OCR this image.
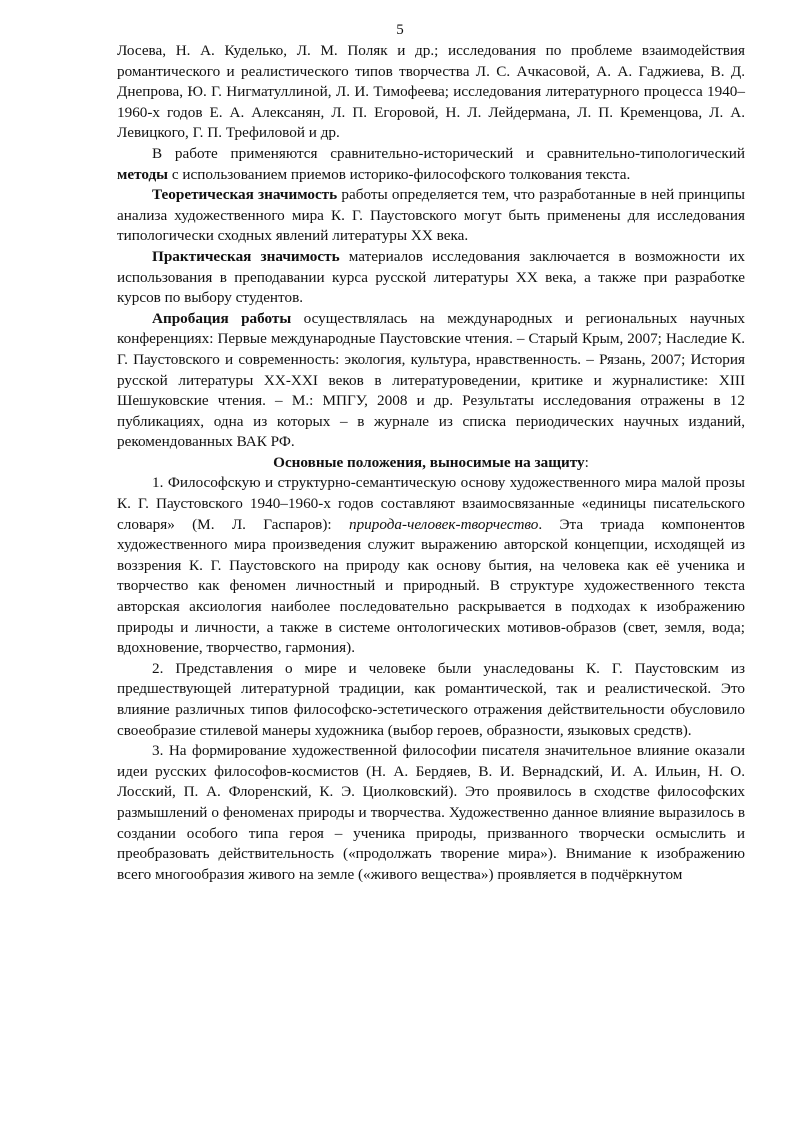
5

Лосева, Н. А. Куделько, Л. М. Поляк и др.; исследования по проблеме взаимодействия романтического и реалистического типов творчества Л. С. Ачкасовой, А. А. Гаджиева, В. Д. Днепрова, Ю. Г. Нигматуллиной, Л. И. Тимофеева; исследования литературного процесса 1940–1960-х годов Е. А. Алексанян, Л. П. Егоровой, Н. Л. Лейдермана, Л. П. Кременцова, Л. А. Левицкого, Г. П. Трефиловой и др.

В работе применяются сравнительно-исторический и сравнительно-типологический методы с использованием приемов историко-философского толкования текста.

Теоретическая значимость работы определяется тем, что разработанные в ней принципы анализа художественного мира К. Г. Паустовского могут быть применены для исследования типологически сходных явлений литературы XX века.

Практическая значимость материалов исследования заключается в возможности их использования в преподавании курса русской литературы XX века, а также при разработке курсов по выбору студентов.

Апробация работы осуществлялась на международных и региональных научных конференциях: Первые международные Паустовские чтения. – Старый Крым, 2007; Наследие К. Г. Паустовского и современность: экология, культура, нравственность. – Рязань, 2007; История русской литературы XX-XXI веков в литературоведении, критике и журналистике: XIII Шешуковские чтения. – М.: МПГУ, 2008 и др. Результаты исследования отражены в 12 публикациях, одна из которых – в журнале из списка периодических научных изданий, рекомендованных ВАК РФ.

Основные положения, выносимые на защиту:

1. Философскую и структурно-семантическую основу художественного мира малой прозы К. Г. Паустовского 1940–1960-х годов составляют взаимосвязанные «единицы писательского словаря» (М. Л. Гаспаров): природа-человек-творчество. Эта триада компонентов художественного мира произведения служит выражению авторской концепции, исходящей из воззрения К. Г. Паустовского на природу как основу бытия, на человека как её ученика и творчество как феномен личностный и природный. В структуре художественного текста авторская аксиология наиболее последовательно раскрывается в подходах к изображению природы и личности, а также в системе онтологических мотивов-образов (свет, земля, вода; вдохновение, творчество, гармония).

2. Представления о мире и человеке были унаследованы К. Г. Паустовским из предшествующей литературной традиции, как романтической, так и реалистической. Это влияние различных типов философско-эстетического отражения действительности обусловило своеобразие стилевой манеры художника (выбор героев, образности, языковых средств).

3. На формирование художественной философии писателя значительное влияние оказали идеи русских философов-космистов (Н. А. Бердяев, В. И. Вернадский, И. А. Ильин, Н. О. Лосский, П. А. Флоренский, К. Э. Циолковский). Это проявилось в сходстве философских размышлений о феноменах природы и творчества. Художественно данное влияние выразилось в создании особого типа героя – ученика природы, призванного творчески осмыслить и преобразовать действительность («продолжать творение мира»). Внимание к изображению всего многообразия живого на земле («живого вещества») проявляется в подчёркнутом
